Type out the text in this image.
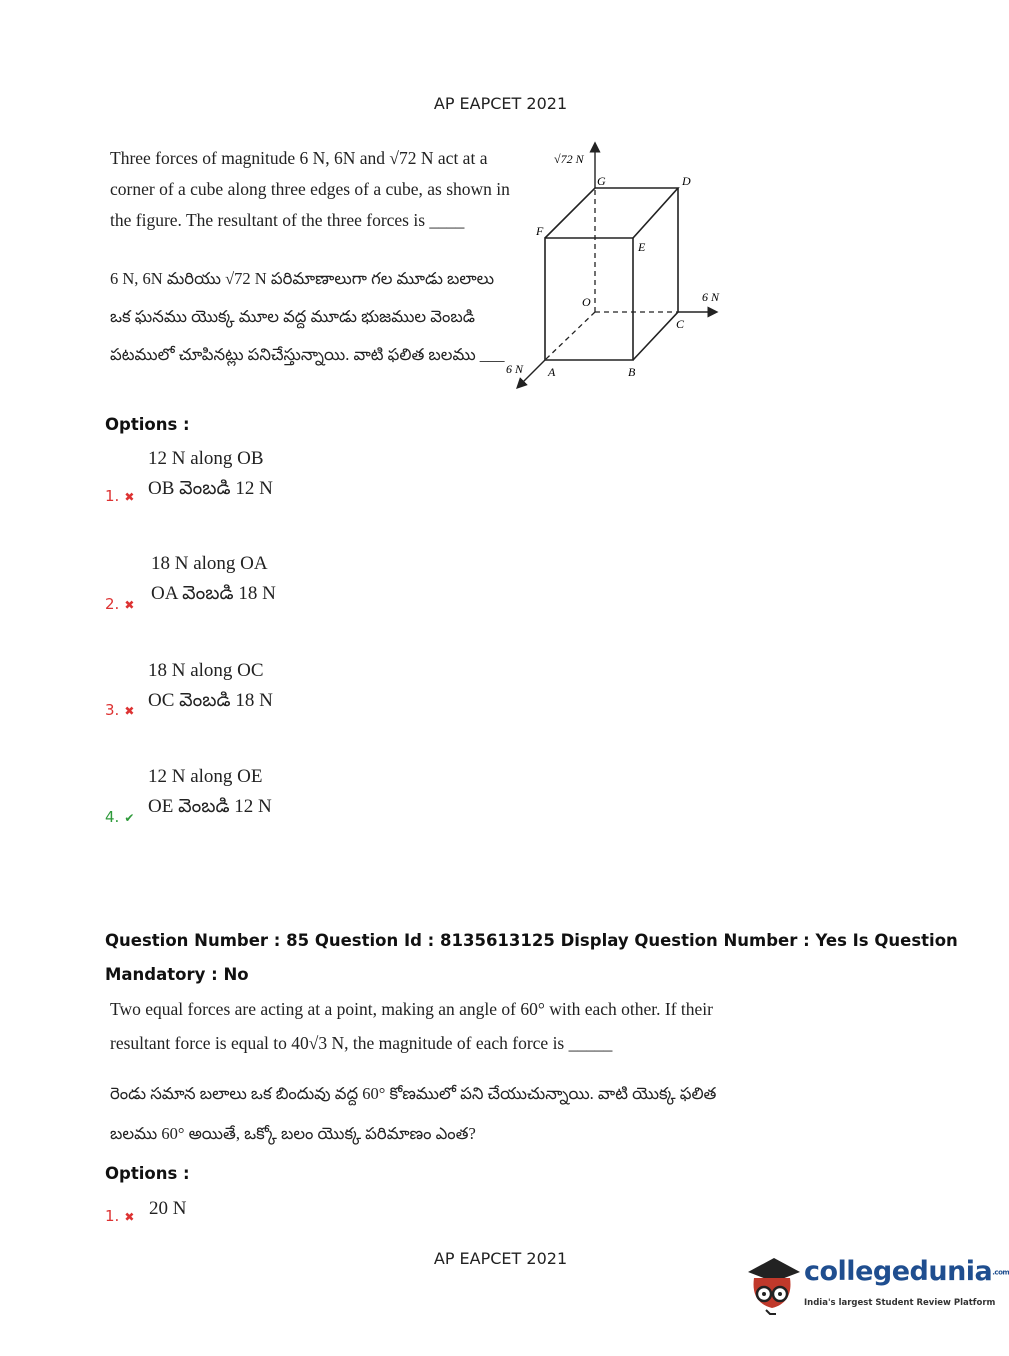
AP EAPCET 2021
Three forces of magnitude 6 N, 6N and √72 N act at a
corner of a cube along three edges of a cube, as shown in
the figure. The resultant of the three forces is ____
6 N, 6N మరియు √72 N పరిమాణాలుగా గల మూడు బలాలు
ఒక ఘనము యొక్క మూల వద్ద మూడు భుజముల వెంబడి
పటములో చూపినట్లు పనిచేస్తున్నాయి. వాటి ఫలిత బలము ___
√72 N
G	D
F
E
O	6 N
C
6 N A	B
Options :
12 N along OB
OB వెంబడి 12 N
1. ✖
18 N along OA
OA వెంబడి 18 N
2. ✖
18 N along OC
OC వెంబడి 18 N
3. ✖
12 N along OE
OE వెంబడి 12 N
4. ✔
Question Number : 85 Question Id : 8135613125 Display Question Number : Yes Is Question
Mandatory : No
Two equal forces are acting at a point, making an angle of 60° with each other. If their
resultant force is equal to 40√3 N, the magnitude of each force is _____
రెండు సమాన బలాలు ఒక బిందువు వద్ద 60° కోణములో పని చేయుచున్నాయి. వాటి యొక్క ఫలిత
బలము 60° అయితే, ఒక్కో బలం యొక్క పరిమాణం ఎంత?
Options :
1. ✖ 20 N
AP EAPCET 2021	collegedunia.com
India's largest Student Review Platform
